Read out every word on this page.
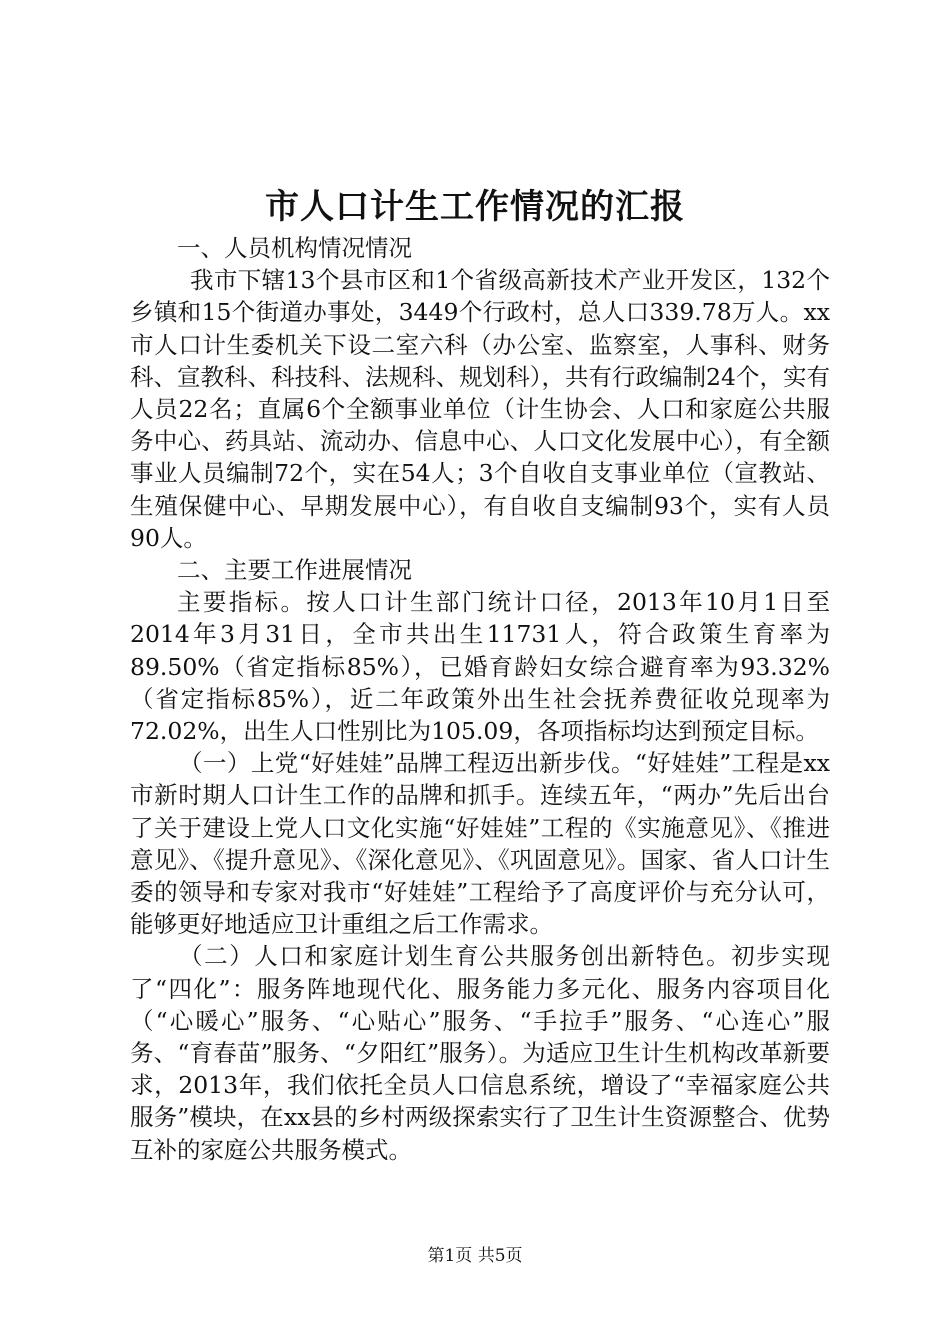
市人口计生工作情况的汇报

一、人员机构情况情况

我市下辖13个县市区和1个省级高新技术产业开发区，132个乡镇和15个街道办事处，3449个行政村，总人口339.78万人。xx市人口计生委机关下设二室六科（办公室、监察室，人事科、财务科、宣教科、科技科、法规科、规划科），共有行政编制24个，实有人员22名；直属6个全额事业单位（计生协会、人口和家庭公共服务中心、药具站、流动办、信息中心、人口文化发展中心），有全额事业人员编制72个，实在54人；3个自收自支事业单位（宣教站、生殖保健中心、早期发展中心），有自收自支编制93个，实有人员90人。

二、主要工作进展情况

主要指标。按人口计生部门统计口径，2013年10月1日至2014年3月31日，全市共出生11731人，符合政策生育率为89.50%（省定指标85%），已婚育龄妇女综合避育率为93.32%（省定指标85%），近二年政策外出生社会抚养费征收兑现率为72.02%，出生人口性别比为105.09，各项指标均达到预定目标。

（一）上党“好娃娃”品牌工程迈出新步伐。“好娃娃”工程是xx市新时期人口计生工作的品牌和抓手。连续五年，“两办”先后出台了关于建设上党人口文化实施“好娃娃”工程的《实施意见》、《推进意见》、《提升意见》、《深化意见》、《巩固意见》。国家、省人口计生委的领导和专家对我市“好娃娃”工程给予了高度评价与充分认可，能够更好地适应卫计重组之后工作需求。

（二）人口和家庭计划生育公共服务创出新特色。初步实现了“四化”：服务阵地现代化、服务能力多元化、服务内容项目化（“心暖心”服务、“心贴心”服务、“手拉手”服务、“心连心”服务、“育春苗”服务、“夕阳红”服务）。为适应卫生计生机构改革新要求，2013年，我们依托全员人口信息系统，增设了“幸福家庭公共服务”模块，在xx县的乡村两级探索实行了卫生计生资源整合、优势互补的家庭公共服务模式。

第1页 共5页
